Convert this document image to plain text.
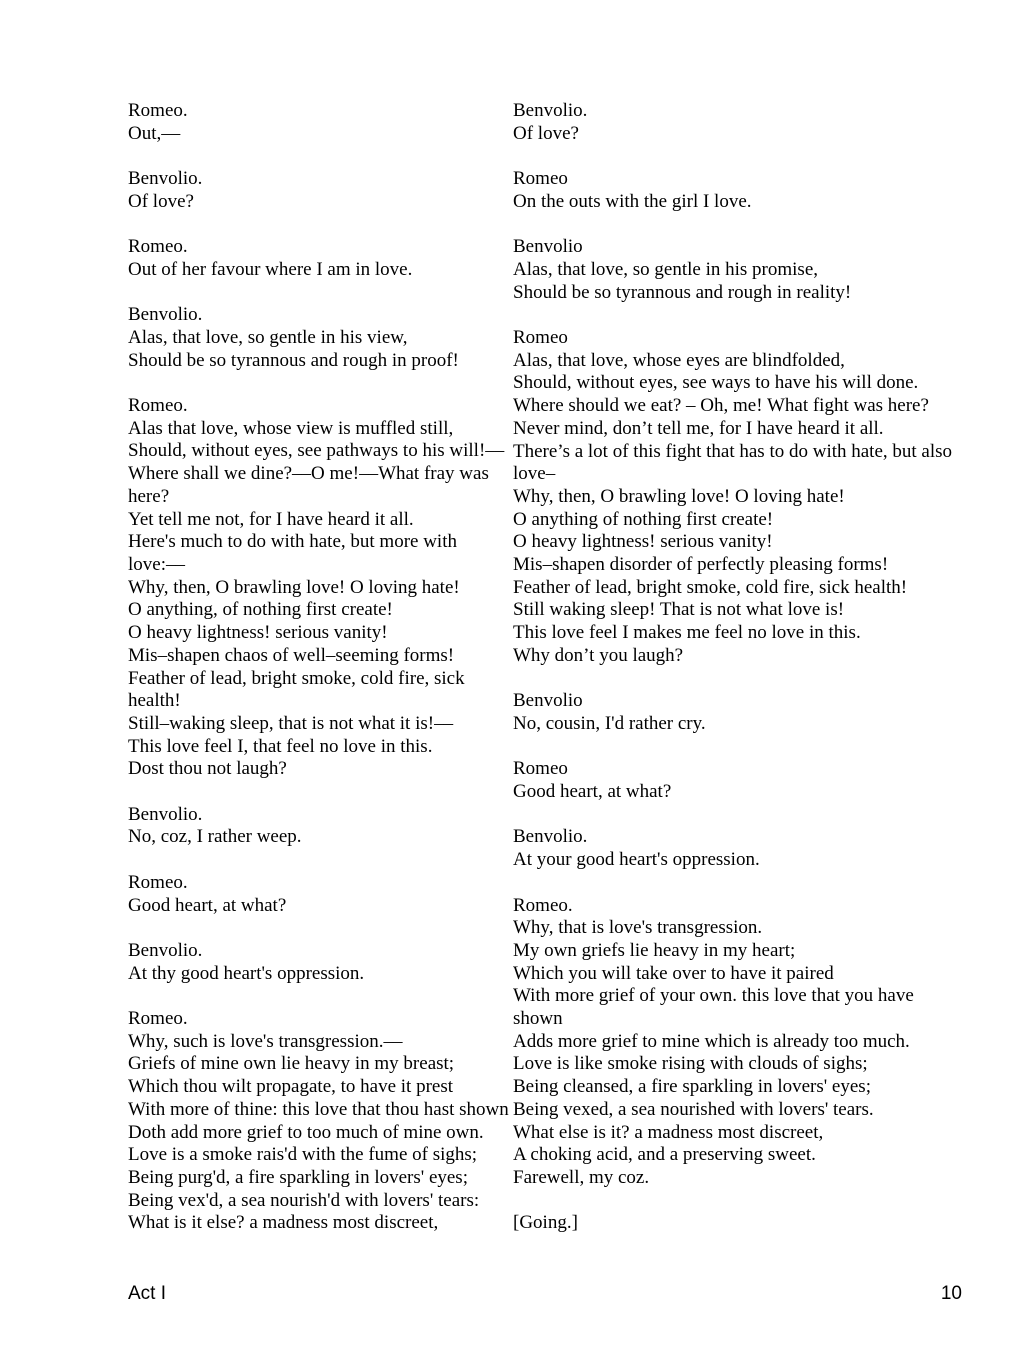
Romeo.
Out,––
Benvolio.
Of love?
Romeo.
Out of her favour where I am in love.
Benvolio.
Alas, that love, so gentle in his view,
Should be so tyrannous and rough in proof!
Romeo.
Alas that love, whose view is muffled still,
Should, without eyes, see pathways to his will!––
Where shall we dine?––O me!––What fray was
here?
Yet tell me not, for I have heard it all.
Here's much to do with hate, but more with
love:––
Why, then, O brawling love! O loving hate!
O anything, of nothing first create!
O heavy lightness! serious vanity!
Mis–shapen chaos of well–seeming forms!
Feather of lead, bright smoke, cold fire, sick
health!
Still–waking sleep, that is not what it is!––
This love feel I, that feel no love in this.
Dost thou not laugh?
Benvolio.
No, coz, I rather weep.
Romeo.
Good heart, at what?
Benvolio.
At thy good heart's oppression.
Romeo.
Why, such is love's transgression.––
Griefs of mine own lie heavy in my breast;
Which thou wilt propagate, to have it prest
With more of thine: this love that thou hast shown
Doth add more grief to too much of mine own.
Love is a smoke rais'd with the fume of sighs;
Being purg'd, a fire sparkling in lovers' eyes;
Being vex'd, a sea nourish'd with lovers' tears:
What is it else? a madness most discreet,
Benvolio.
Of love?
Romeo
On the outs with the girl I love.
Benvolio
Alas, that love, so gentle in his promise,
Should be so tyrannous and rough in reality!
Romeo
Alas, that love, whose eyes are blindfolded,
Should, without eyes, see ways to have his will done.
Where should we eat? – Oh, me! What fight was here?
Never mind, don’t tell me, for I have heard it all.
There’s a lot of this fight that has to do with hate, but also
love–
Why, then, O brawling love! O loving hate!
O anything of nothing first create!
O heavy lightness! serious vanity!
Mis–shapen disorder of perfectly pleasing forms!
Feather of lead, bright smoke, cold fire, sick health!
Still waking sleep! That is not what love is!
This love feel I makes me feel no love in this.
Why don’t you laugh?
Benvolio
No, cousin, I'd rather cry.
Romeo
Good heart, at what?
Benvolio.
At your good heart's oppression.
Romeo.
Why, that is love's transgression.
My own griefs lie heavy in my heart;
Which you will take over to have it paired
With more grief of your own. this love that you have
shown
Adds more grief to mine which is already too much.
Love is like smoke rising with clouds of sighs;
Being cleansed, a fire sparkling in lovers' eyes;
Being vexed, a sea nourished with lovers' tears.
What else is it? a madness most discreet,
A choking acid, and a preserving sweet.
Farewell, my coz.
[Going.]
Act I	10
